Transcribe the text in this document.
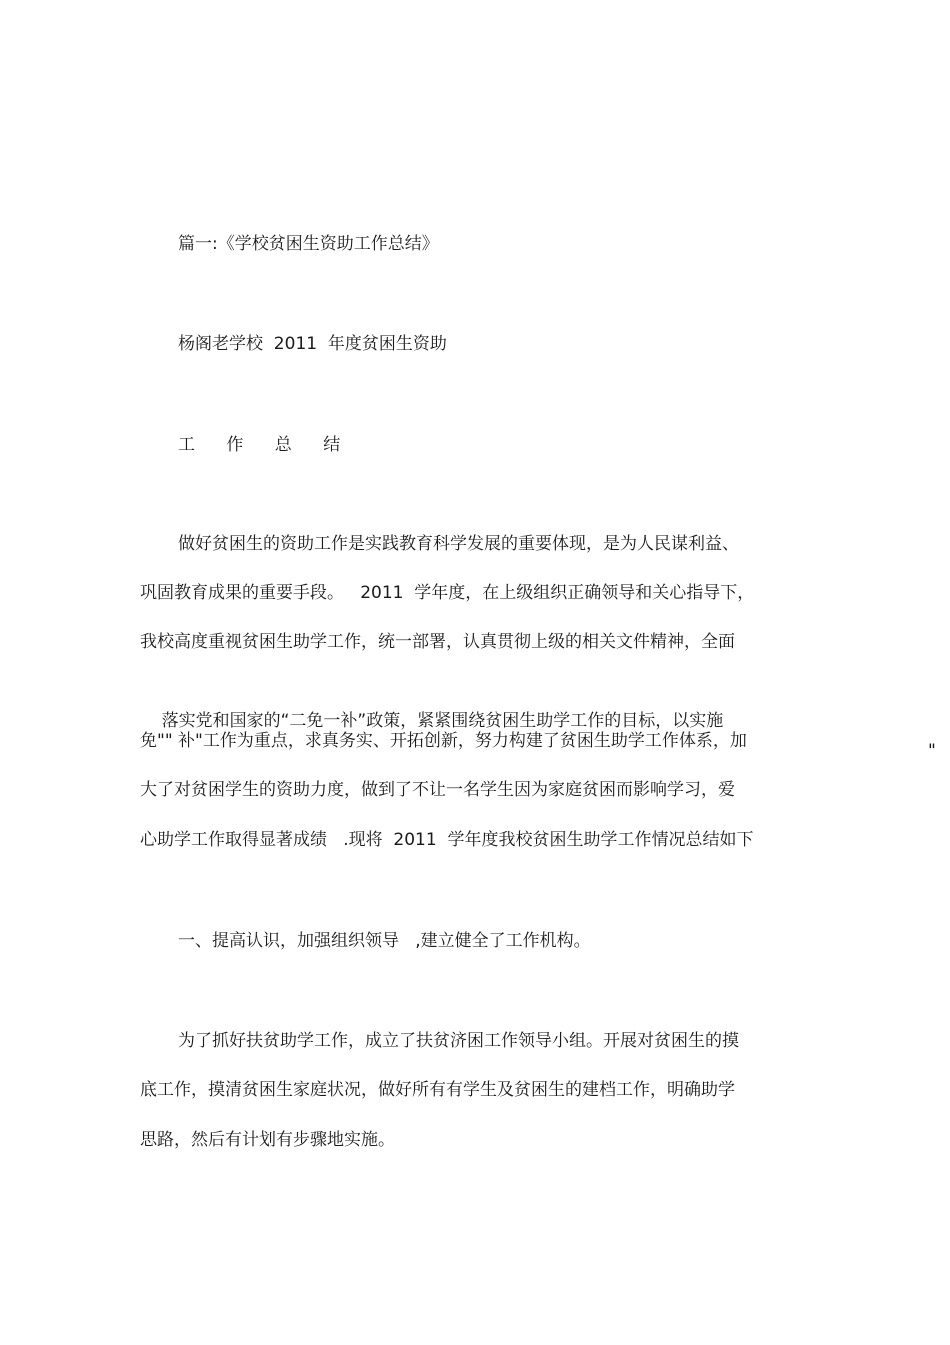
篇一:《学校贫困生资助工作总结》
杨阁老学校  2011  年度贫困生资助
工 作 总 结
做好贫困生的资助工作是实践教育科学发展的重要体现，是为人民谋利益、
巩固教育成果的重要手段。   2011  学年度，在上级组织正确领导和关心指导下，
我校高度重视贫困生助学工作，统一部署，认真贯彻上级的相关文件精神，全面

落实党和国家的“二免一补”政策，紧紧围绕贫困生助学工作的目标，以实施

"

免"" 补"工作为重点，求真务实、开拓创新，努力构建了贫困生助学工作体系，加
大了对贫困学生的资助力度，做到了不让一名学生因为家庭贫困而影响学习，爱
心助学工作取得显著成绩   .现将  2011  学年度我校贫困生助学工作情况总结如下
一、提高认识，加强组织领导   ,建立健全了工作机构。
为了抓好扶贫助学工作，成立了扶贫济困工作领导小组。开展对贫困生的摸
底工作，摸清贫困生家庭状况，做好所有有学生及贫困生的建档工作，明确助学
思路，然后有计划有步骤地实施。
